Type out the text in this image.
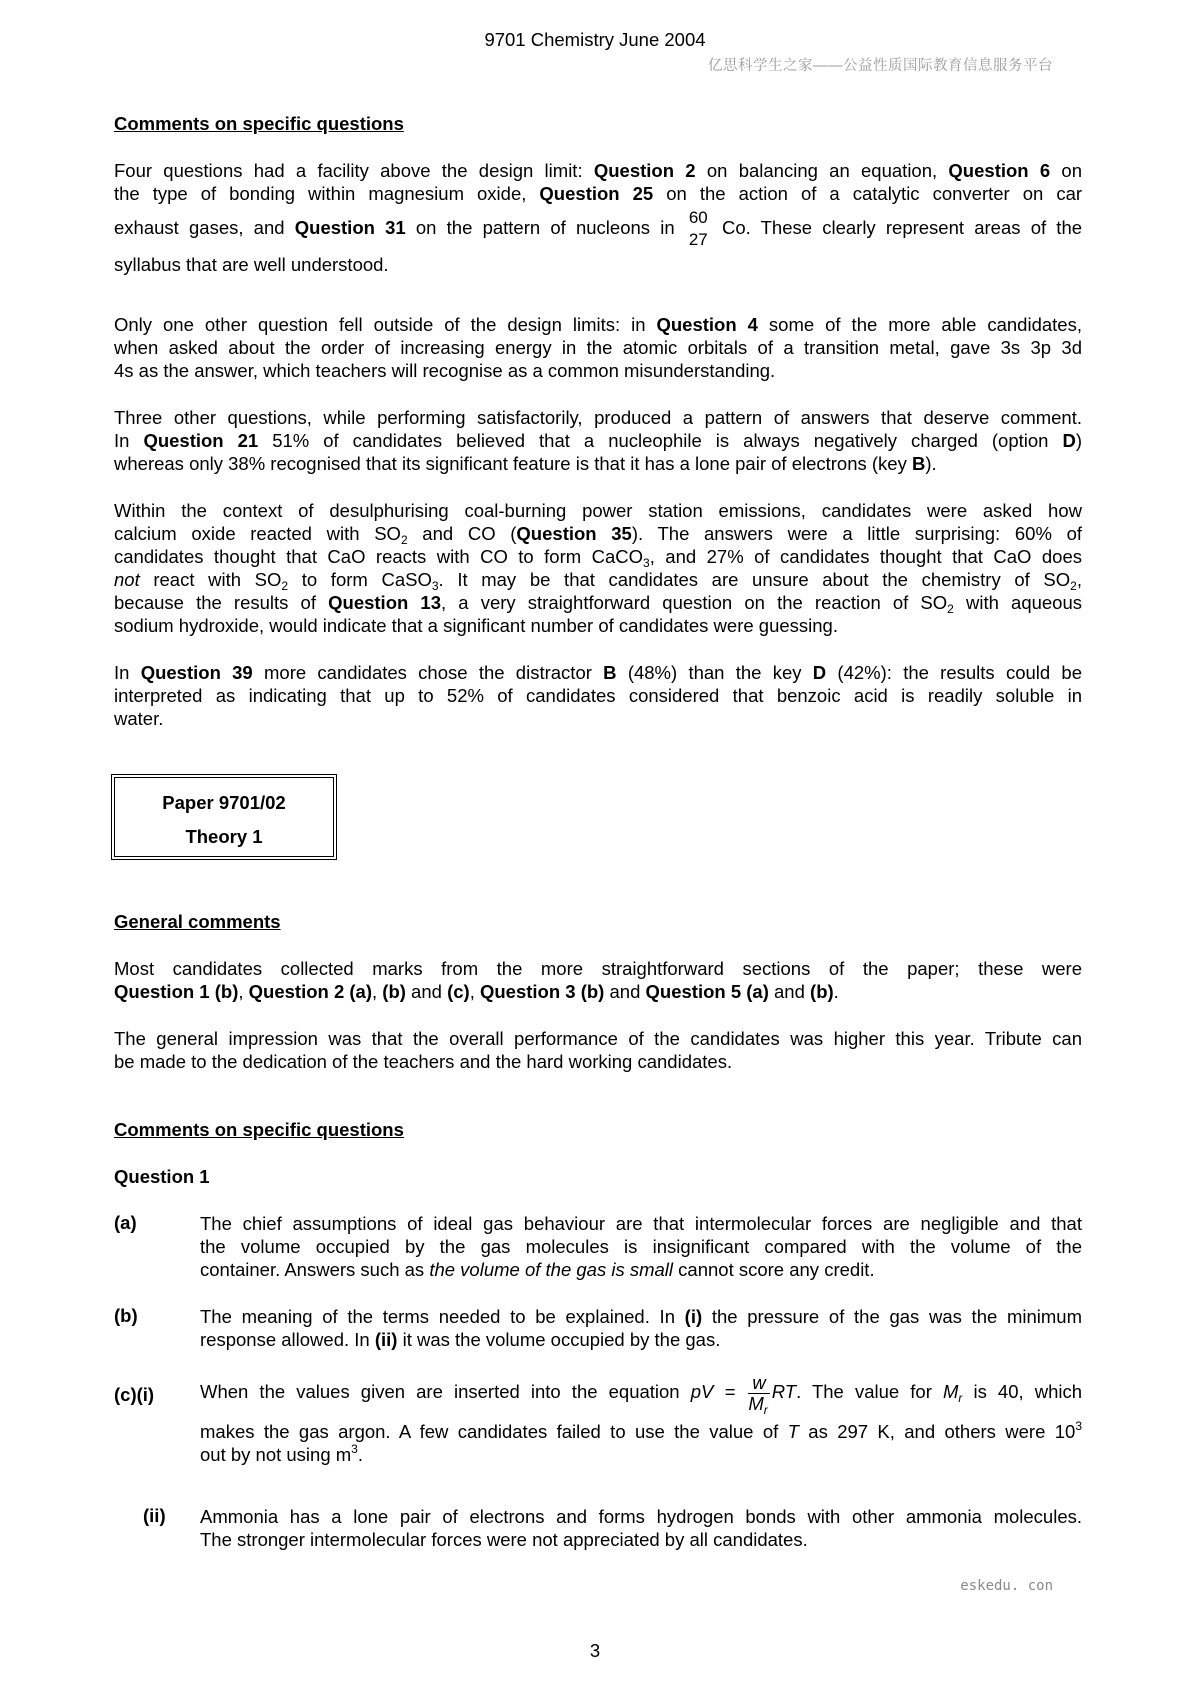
9701 Chemistry June 2004
亿思科学生之家——公益性质国际教育信息服务平台
Comments on specific questions
Four questions had a facility above the design limit: Question 2 on balancing an equation, Question 6 on
the type of bonding within magnesium oxide, Question 25 on the action of a catalytic converter on car
exhaust gases, and Question 31 on the pattern of nucleons in 60
27
Co. These clearly represent areas of the
syllabus that are well understood.
Only one other question fell outside of the design limits: in Question 4 some of the more able candidates,
when asked about the order of increasing energy in the atomic orbitals of a transition metal, gave 3s 3p 3d
4s as the answer, which teachers will recognise as a common misunderstanding.
Three other questions, while performing satisfactorily, produced a pattern of answers that deserve comment.
In Question 21 51% of candidates believed that a nucleophile is always negatively charged (option D)
whereas only 38% recognised that its significant feature is that it has a lone pair of electrons (key B).
Within the context of desulphurising coal-burning power station emissions, candidates were asked how
calcium oxide reacted with $SO_2$ and CO (Question 35). The answers were a little surprising: 60% of
candidates thought that CaO reacts with CO to form CaCO$_3$, and 27% of candidates thought that CaO does
not react with $SO_2$ to form CaSO$_3$. It may be that candidates are unsure about the chemistry of $SO_2$,
because the results of Question 13, a very straightforward question on the reaction of $SO_2$ with aqueous
sodium hydroxide, would indicate that a significant number of candidates were guessing.
In Question 39 more candidates chose the distractor B (48%) than the key D (42%): the results could be
interpreted as indicating that up to 52% of candidates considered that benzoic acid is readily soluble in
water.
General comments
Most candidates collected marks from the more straightforward sections of the paper; these were
Question 1 (b), Question 2 (a), (b) and (c), Question 3 (b) and Question 5 (a) and (b).
The general impression was that the overall performance of the candidates was higher this year. Tribute can
be made to the dedication of the teachers and the hard working candidates.
Comments on specific questions
Question 1
(a)	The chief assumptions of ideal gas behaviour are that intermolecular forces are negligible and that
the volume occupied by the gas molecules is insignificant compared with the volume of the
container. Answers such as the volume of the gas is small cannot score any credit.
(b)	The meaning of the terms needed to be explained. In (i) the pressure of the gas was the minimum
response allowed. In (ii) it was the volume occupied by the gas.
(c)(i) When the values given are inserted into the equation pV = $\frac{w}{M_r}$ RT. The value for $M_r$ is 40, which
makes the gas argon. A few candidates failed to use the value of T as 297 K, and others were $10^3$
out by not using $m^3$.
(ii) Ammonia has a lone pair of electrons and forms hydrogen bonds with other ammonia molecules.
The stronger intermolecular forces were not appreciated by all candidates.
Paper 9701/02
Theory 1
eskedu. con
3
